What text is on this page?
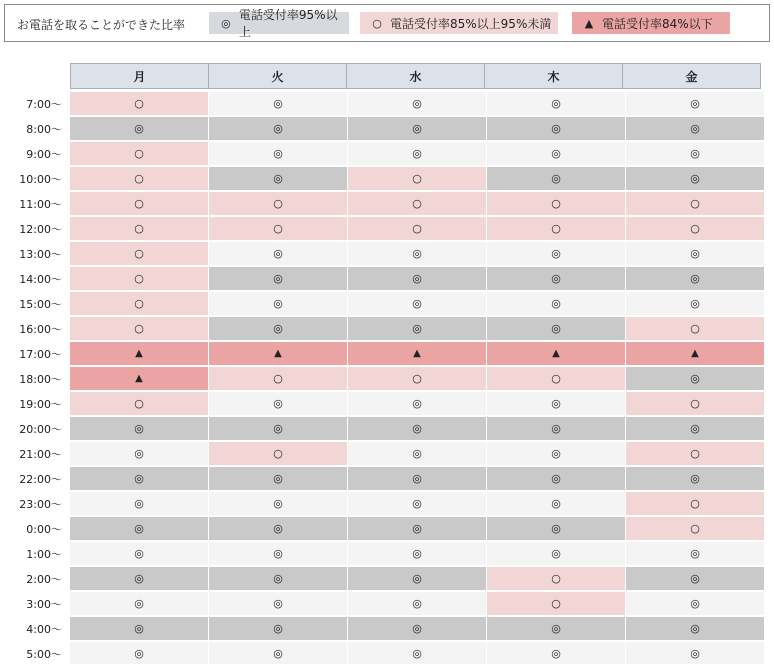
お電話を取ることができた比率	◎
電話受付率95%以上
○ 電話受付率85%以上95%未満	▲ 電話受付率84%以下
月	火	水	木	金
7:00～	○	◎	◎	◎	◎
8:00～	◎	◎	◎	◎	◎
9:00～	○	◎	◎	◎	◎
10:00～	○	◎	○	◎	◎
11:00～	○	○	○	○	○
12:00～	○	○	○	○	○
13:00～	○	◎	◎	◎	◎
14:00～	○	◎	◎	◎	◎
15:00～	○	◎	◎	◎	◎
16:00～	○	◎	◎	◎	○
17:00～	▲	▲	▲	▲	▲
18:00～	▲	○	○	○	◎
19:00～	○	◎	◎	◎	○
20:00～	◎	◎	◎	◎	◎
21:00～	◎	○	◎	◎	○
22:00～	◎	◎	◎	◎	◎
23:00～	◎	◎	◎	◎	○
0:00～	◎	◎	◎	◎	○
1:00～	◎	◎	◎	◎	◎
2:00～	◎	◎	◎	○	◎
3:00～	◎	◎	◎	○	◎
4:00～	◎	◎	◎	◎	◎
5:00～	◎	◎	◎	◎	◎
